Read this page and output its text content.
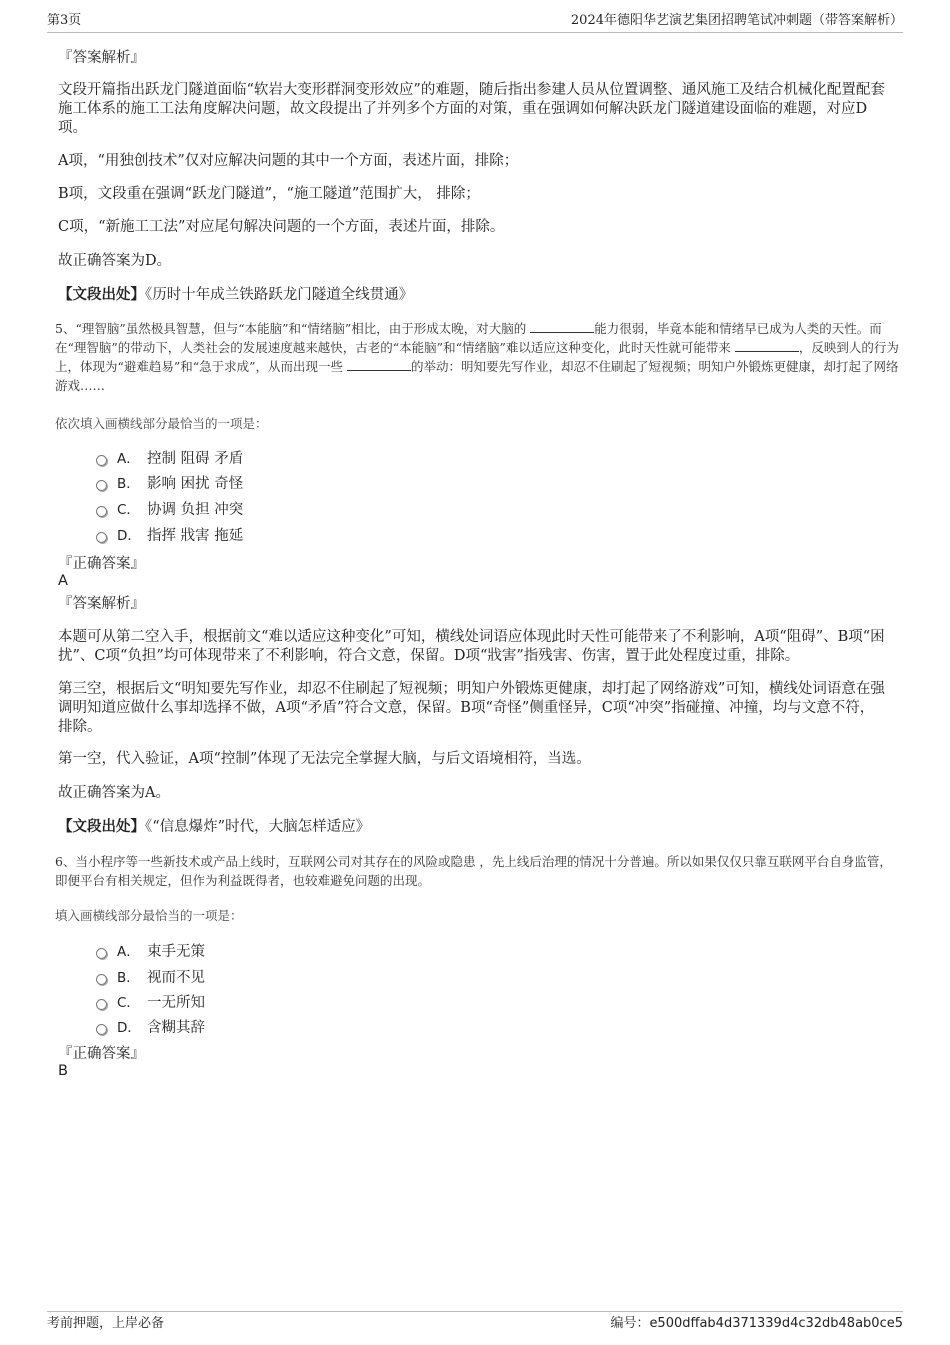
第3页	2024年德阳华艺演艺集团招聘笔试冲刺题（带答案解析）
『答案解析』
文段开篇指出跃龙门隧道面临“软岩大变形群洞变形效应”的难题，随后指出参建人员从位置调整、通风施工及结合机械化配置配套施工体系的施工工法角度解决问题，故文段提出了并列多个方面的对策，重在强调如何解决跃龙门隧道建设面临的难题，对应D项。
A项，“用独创技术”仅对应解决问题的其中一个方面，表述片面，排除；
B项，文段重在强调“跃龙门隧道”，“施工隧道”范围扩大， 排除；
C项，“新施工工法”对应尾句解决问题的一个方面，表述片面，排除。
故正确答案为D。
【文段出处】《历时十年成兰铁路跃龙门隧道全线贯通》
5、“理智脑”虽然极具智慧，但与“本能脑”和“情绪脑”相比，由于形成太晚，对大脑的	能力很弱，毕竟本能和情绪早已成为人类的天性。而在“理智脑”的带动下，人类社会的发展速度越来越快，古老的“本能脑”和“情绪脑”难以适应这种变化，此时天性就可能带来	，反映到人的行为上，体现为“避难趋易”和“急于求成”，从而出现一些	的举动：明知要先写作业，却忍不住刷起了短视频；明知户外锻炼更健康，却打起了网络游戏……
依次填入画横线部分最恰当的一项是：
A． 控制 阻碍 矛盾
B． 影响 困扰 奇怪
C． 协调 负担 冲突
D． 指挥 戕害 拖延
『正确答案』
A
『答案解析』
本题可从第二空入手，根据前文“难以适应这种变化”可知，横线处词语应体现此时天性可能带来了不利影响，A项“阻碍”、B项“困扰”、C项“负担”均可体现带来了不利影响，符合文意，保留。D项“戕害”指残害、伤害，置于此处程度过重，排除。
第三空，根据后文“明知要先写作业，却忍不住刷起了短视频；明知户外锻炼更健康，却打起了网络游戏”可知，横线处词语意在强调明知道应做什么事却选择不做，A项“矛盾”符合文意，保留。B项“奇怪”侧重怪异，C项“冲突”指碰撞、冲撞，均与文意不符，排除。
第一空，代入验证，A项“控制”体现了无法完全掌握大脑，与后文语境相符，当选。
故正确答案为A。
【文段出处】《“信息爆炸”时代，大脑怎样适应》
6、当小程序等一些新技术或产品上线时，互联网公司对其存在的风险或隐患 ，先上线后治理的情况十分普遍。所以如果仅仅只靠互联网平台自身监管，即便平台有相关规定，但作为利益既得者，也较难避免问题的出现。
填入画横线部分最恰当的一项是：
A． 束手无策
B． 视而不见
C． 一无所知
D． 含糊其辞
『正确答案』
B
考前押题，上岸必备	编号：e500dffab4d371339d4c32db48ab0ce5
